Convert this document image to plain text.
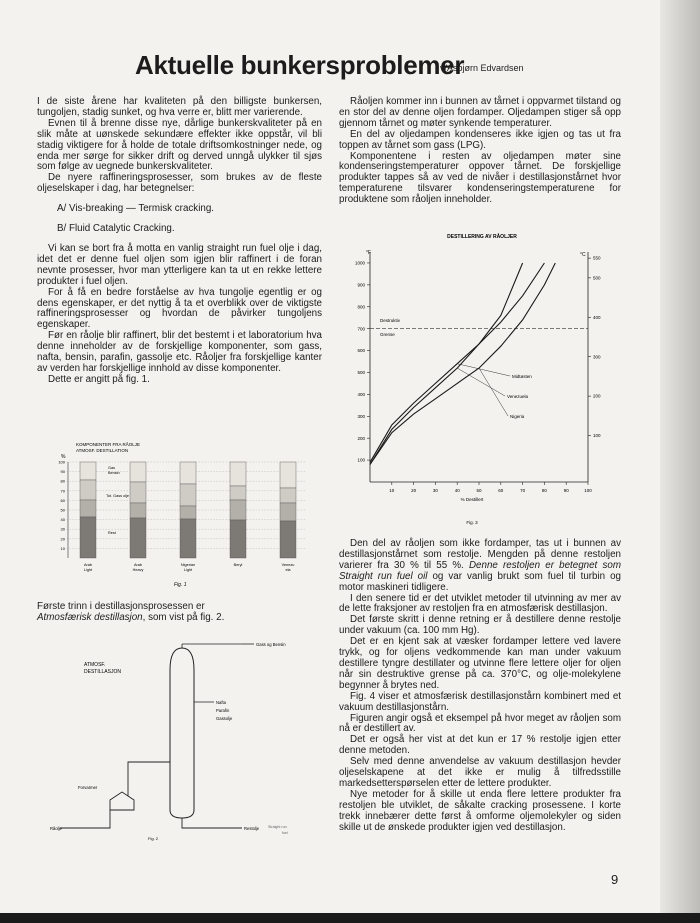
Aktuelle bunkersproblemer
v/Asbjørn Edvardsen

I de siste årene har kvaliteten på den billigste bunkersen, tungoljen, stadig sunket, og hva verre er, blitt mer varierende.

Evnen til å brenne disse nye, dårlige bunkerskvaliteter på en slik måte at uønskede sekundære effekter ikke oppstår, vil bli stadig viktigere for å holde de totale driftsomkostninger nede, og enda mer sørge for sikker drift og derved unngå ulykker til sjøs som følge av uegnede bunkerskvaliteter.

De nyere raffineringsprosesser, som brukes av de fleste oljeselskaper i dag, har betegnelser:

A/ Vis-breaking — Termisk cracking.

B/ Fluid Catalytic Cracking.

Vi kan se bort fra å motta en vanlig straight run fuel olje i dag, idet det er denne fuel oljen som igjen blir raffinert i de foran nevnte prosesser, hvor man ytterligere kan ta ut en rekke lettere produkter i fuel oljen.

For å få en bedre forståelse av hva tungolje egentlig er og dens egenskaper, er det nyttig å ta et overblikk over de viktigste raffineringsprosesser og hvordan de påvirker tungoljens egenskaper.

Før en råolje blir raffinert, blir det bestemt i et laboratorium hva denne inneholder av de forskjellige komponenter, som gass, nafta, bensin, parafin, gassolje etc. Råoljer fra forskjellige kanter av verden har forskjellige innhold av disse komponenter.

Dette er angitt på fig. 1.

KOMPONENTER FRA RÅOLJE
ATMOSF. DESTILLATION
%
100
90
80
70
60
50
40
30
20
10
Arab
Light
Arab
Heavy
Nigerian
Light
Beryl	Venezu
ela
Gas
Bensin
Tot. Gass olje
Rest
Fig. 1

Første trinn i destillasjonsprosessen er

Atmosfærisk destillasjon, som vist på fig. 2.

ATMOSF.
DESTILLASJON
Gass og Bensin
Nafta
Parafin
Gassolje
Forvarmer
Råolje	Restolje Straight run
fuel
Fig. 2

Råoljen kommer inn i bunnen av tårnet i oppvarmet tilstand og en stor del av denne oljen fordamper. Oljedampen stiger så opp gjennom tårnet og møter synkende temperaturer.

En del av oljedampen kondenseres ikke igjen og tas ut fra toppen av tårnet som gass (LPG).

Komponentene i resten av oljedampen møter sine kondenseringstemperaturer oppover tårnet. De forskjellige produkter tappes så av ved de nivåer i destillasjonstårnet hvor temperaturene tilsvarer kondenseringstemperaturene for produktene som råoljen inneholder.

DESTILLERING AV RÅOLJER
°F	°C
10	20	30	40	50	60	70	80	90	100
1000
900
800
700
600
500
400
300
200
100
550
500
400
300
200
100
Midtøsten
Venezuela
Nigeria
Destruktiv
Grense
% Destillert
Fig. 3

Den del av råoljen som ikke fordamper, tas ut i bunnen av destillasjonstårnet som restolje. Mengden på denne restoljen varierer fra 30 % til 55 %. Denne restoljen er betegnet som Straight run fuel oil og var vanlig brukt som fuel til turbin og motor maskineri tidligere.

I den senere tid er det utviklet metoder til utvinning av mer av de lette fraksjoner av restoljen fra en atmosfærisk destillasjon.

Det første skritt i denne retning er å destillere denne restolje under vakuum (ca. 100 mm Hg).

Det er en kjent sak at væsker fordamper lettere ved lavere trykk, og for oljens vedkommende kan man under vakuum destillere tyngre destillater og utvinne flere lettere oljer for oljen når sin destruktive grense på ca. 370°C, og olje-molekylene begynner å brytes ned.

Fig. 4 viser et atmosfærisk destillasjonstårn kombinert med et vakuum destillasjonstårn.

Figuren angir også et eksempel på hvor meget av råoljen som nå er destillert av.

Det er også her vist at det kun er 17 % restolje igjen etter denne metoden.

Selv med denne anvendelse av vakuum destillasjon hevder oljeselskapene at det ikke er mulig å tilfredsstille markedsetterspørselen etter de lettere produkter.

Nye metoder for å skille ut enda flere lettere produkter fra restoljen ble utviklet, de såkalte cracking prosessene. I korte trekk innebærer dette først å omforme oljemolekyler og siden skille ut de ønskede produkter igjen ved destillasjon.

9
